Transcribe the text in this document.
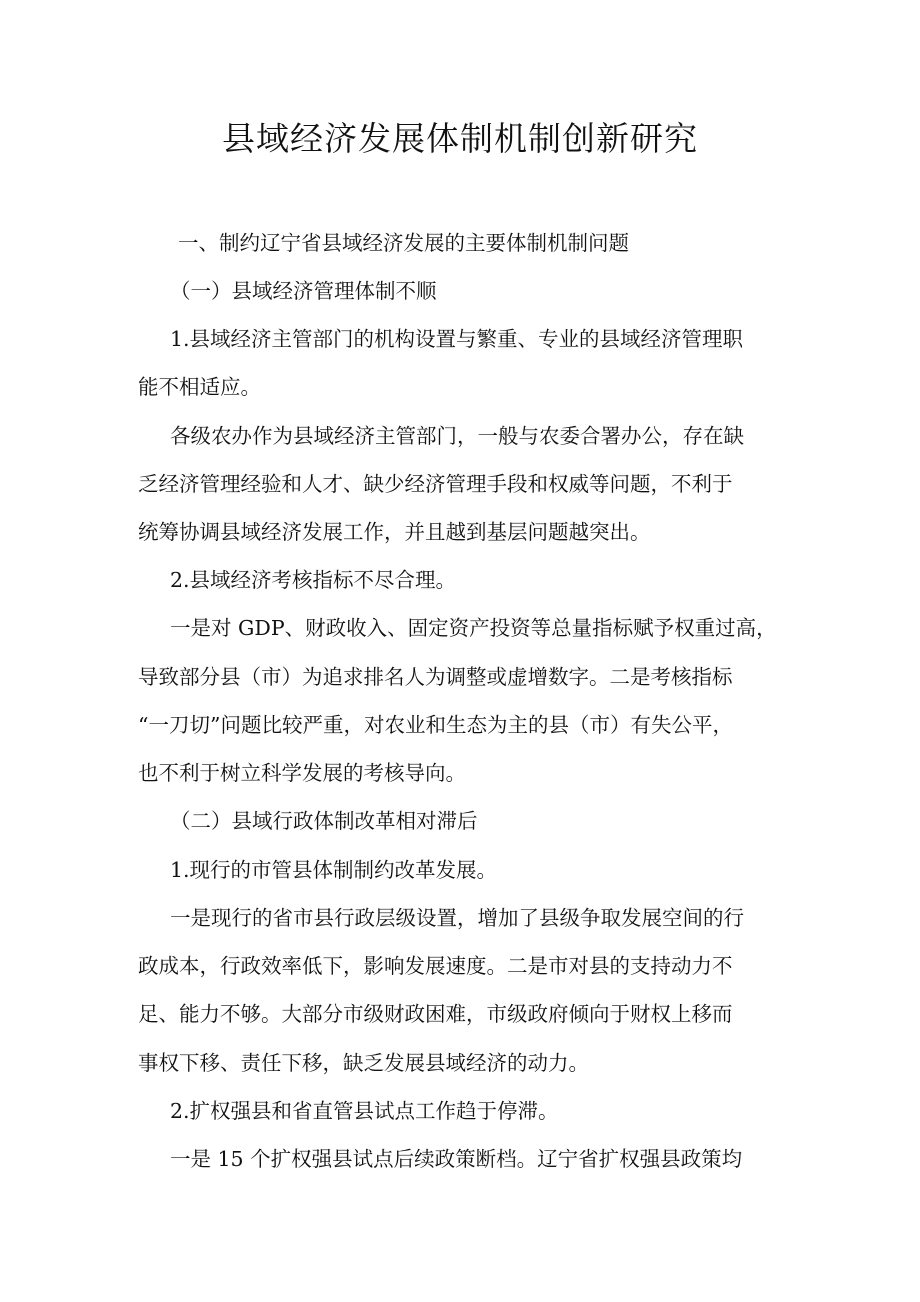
县域经济发展体制机制创新研究

一、制约辽宁省县域经济发展的主要体制机制问题

（一）县域经济管理体制不顺

1.县域经济主管部门的机构设置与繁重、专业的县域经济管理职

能不相适应。

各级农办作为县域经济主管部门，一般与农委合署办公，存在缺

乏经济管理经验和人才、缺少经济管理手段和权威等问题，不利于

统筹协调县域经济发展工作，并且越到基层问题越突出。

2.县域经济考核指标不尽合理。

一是对 GDP、财政收入、固定资产投资等总量指标赋予权重过高，

导致部分县（市）为追求排名人为调整或虚增数字。二是考核指标

“一刀切”问题比较严重，对农业和生态为主的县（市）有失公平，

也不利于树立科学发展的考核导向。

（二）县域行政体制改革相对滞后

1.现行的市管县体制制约改革发展。

一是现行的省市县行政层级设置，增加了县级争取发展空间的行

政成本，行政效率低下，影响发展速度。二是市对县的支持动力不

足、能力不够。大部分市级财政困难，市级政府倾向于财权上移而

事权下移、责任下移，缺乏发展县域经济的动力。

2.扩权强县和省直管县试点工作趋于停滞。

一是 15 个扩权强县试点后续政策断档。辽宁省扩权强县政策均
